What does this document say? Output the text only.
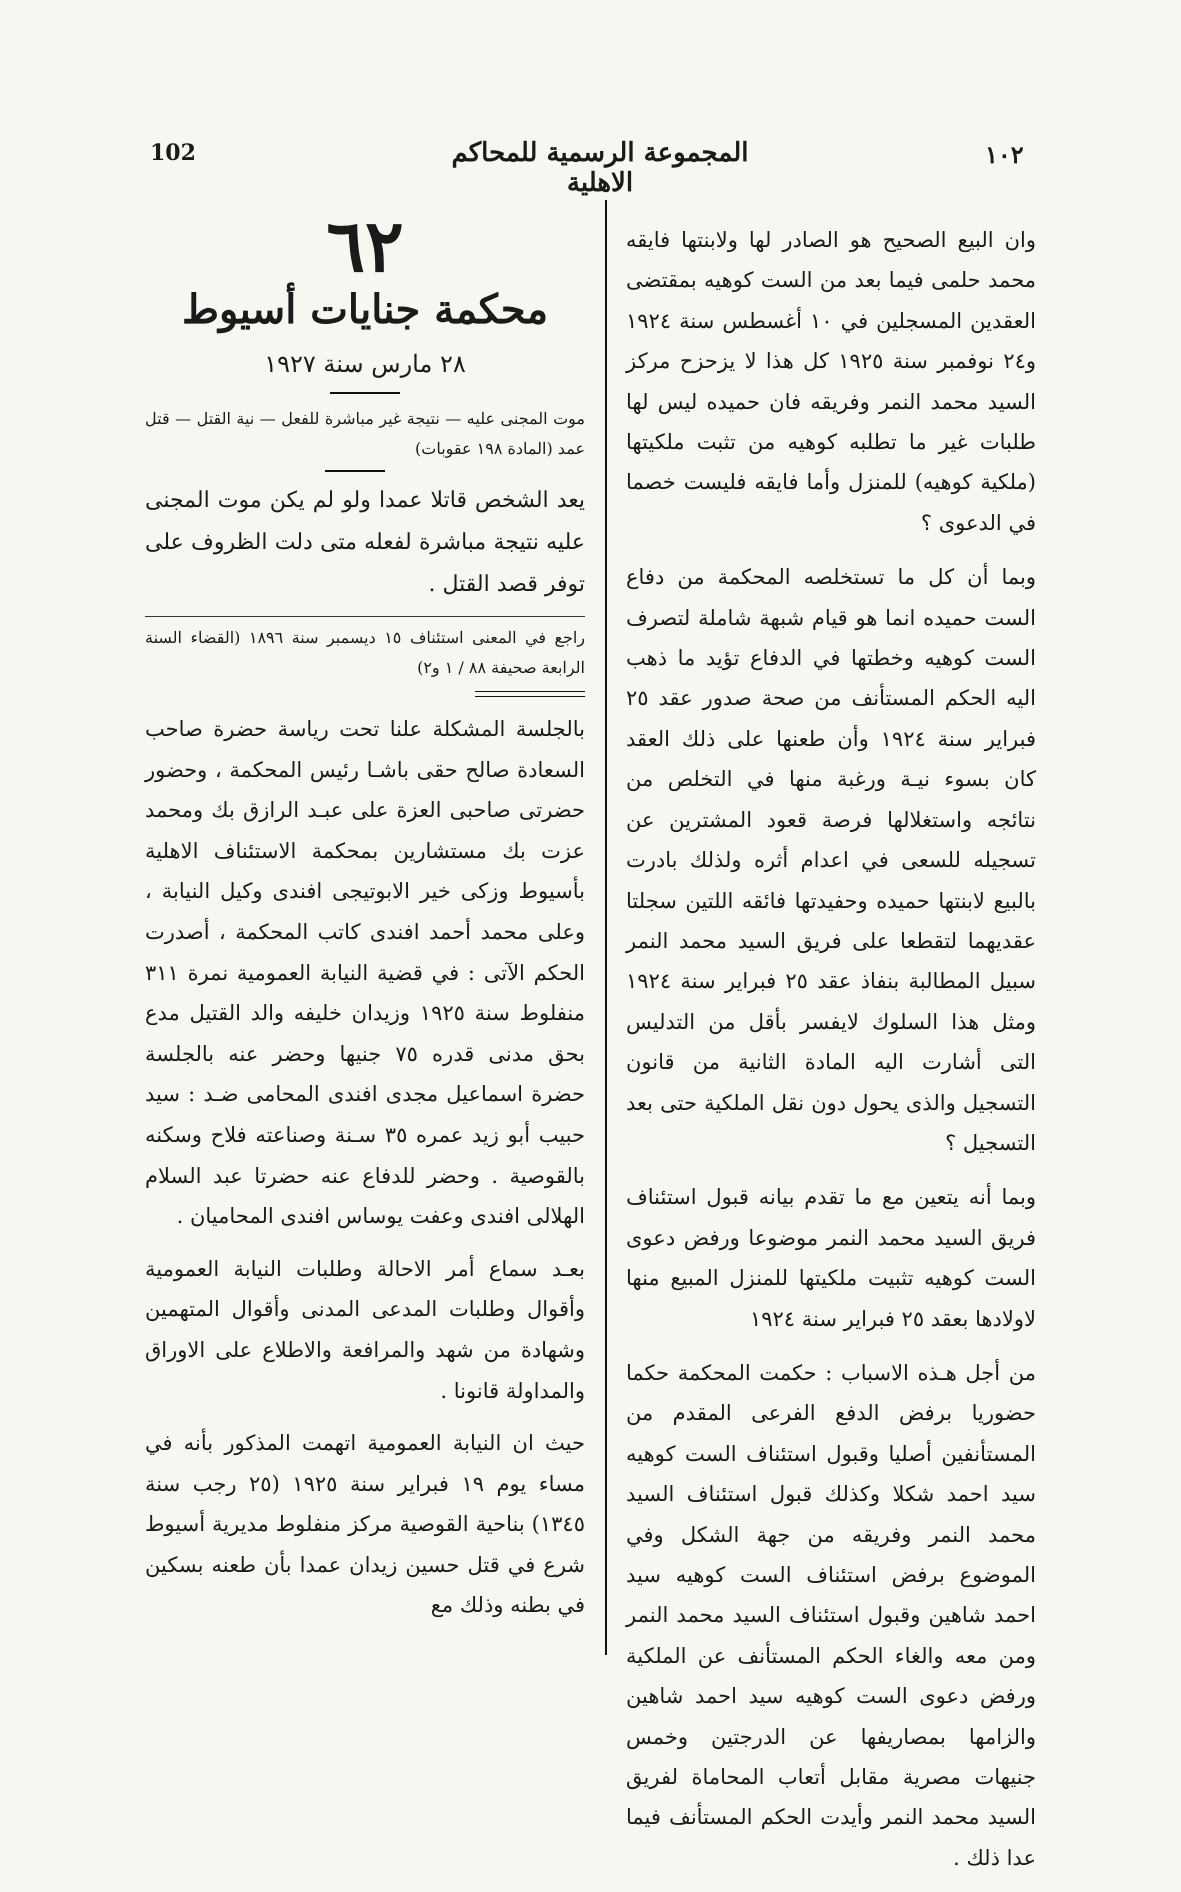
102	المجموعة الرسمية للمحاكم الاهلية
١٠٢

وان البيع الصحيح هو الصادر لها ولابنتها فايقه محمد حلمى فيما بعد من الست كوهيه بمقتضى العقدين المسجلين في ١٠ أغسطس سنة ١٩٢٤ و٢٤ نوفمبر سنة ١٩٢٥ كل هذا لا يزحزح مركز السيد محمد النمر وفريقه فان حميده ليس لها طلبات غير ما تطلبه كوهيه من تثبت ملكيتها (ملكية كوهيه) للمنزل وأما فايقه فليست خصما في الدعوى ؟

وبما أن كل ما تستخلصه المحكمة من دفاع الست حميده انما هو قيام شبهة شاملة لتصرف الست كوهيه وخطتها في الدفاع تؤيد ما ذهب اليه الحكم المستأنف من صحة صدور عقد ٢٥ فبراير سنة ١٩٢٤ وأن طعنها على ذلك العقد كان بسوء نيـة ورغبة منها في التخلص من نتائجه واستغلالها فرصة قعود المشترين عن تسجيله للسعى في اعدام أثره ولذلك بادرت بالبيع لابنتها حميده وحفيدتها فائقه اللتين سجلتا عقديهما لتقطعا على فريق السيد محمد النمر سبيل المطالبة بنفاذ عقد ٢٥ فبراير سنة ١٩٢٤ ومثل هذا السلوك لايفسر بأقل من التدليس التى أشارت اليه المادة الثانية من قانون التسجيل والذى يحول دون نقل الملكية حتى بعد التسجيل ؟

وبما أنه يتعين مع ما تقدم بيانه قبول استئناف فريق السيد محمد النمر موضوعا ورفض دعوى الست كوهيه تثبيت ملكيتها للمنزل المبيع منها لاولادها بعقد ٢٥ فبراير سنة ١٩٢٤

من أجل هـذه الاسباب : حكمت المحكمة حكما حضوريا برفض الدفع الفرعى المقدم من المستأنفين أصليا وقبول استئناف الست كوهيه سيد احمد شكلا وكذلك قبول استئناف السيد محمد النمر وفريقه من جهة الشكل وفي الموضوع برفض استئناف الست كوهيه سيد احمد شاهين وقبول استئناف السيد محمد النمر ومن معه والغاء الحكم المستأنف عن الملكية ورفض دعوى الست كوهيه سيد احمد شاهين والزامها بمصاريفها عن الدرجتين وخمس جنيهات مصرية مقابل أتعاب المحاماة لفريق السيد محمد النمر وأيدت الحكم المستأنف فيما عدا ذلك .

٦٢

محكمة جنايات أسيوط

٢٨ مارس سنة ١٩٢٧

موت المجنى عليه — نتيجة غير مباشرة للفعل — نية القتل — قتل عمد (المادة ١٩٨ عقوبات)

يعد الشخص قاتلا عمدا ولو لم يكن موت المجنى عليه نتيجة مباشرة لفعله متى دلت الظروف على توفر قصد القتل .

راجع في المعنى استئناف ١٥ ديسمبر سنة ١٨٩٦ (القضاء السنة الرابعة صحيفة ٨٨ / ١ و٢)

بالجلسة المشكلة علنا تحت رياسة حضرة صاحب السعادة صالح حقى باشـا رئيس المحكمة ، وحضور حضرتى صاحبى العزة على عبـد الرازق بك ومحمد عزت بك مستشارين بمحكمة الاستئناف الاهلية بأسيوط وزكى خير الابوتيجى افندى وكيل النيابة ، وعلى محمد أحمد افندى كاتب المحكمة ، أصدرت الحكم الآتى : في قضية النيابة العمومية نمرة ٣١١ منفلوط سنة ١٩٢٥ وزيدان خليفه والد القتيل مدع بحق مدنى قدره ٧٥ جنيها وحضر عنه بالجلسة حضرة اسماعيل مجدى افندى المحامى ضـد : سيد حبيب أبو زيد عمره ٣٥ سـنة وصناعته فلاح وسكنه بالقوصية . وحضر للدفاع عنه حضرتا عبد السلام الهلالى افندى وعفت يوساس افندى المحاميان .

بعـد سماع أمر الاحالة وطلبات النيابة العمومية وأقوال وطلبات المدعى المدنى وأقوال المتهمين وشهادة من شهد والمرافعة والاطلاع على الاوراق والمداولة قانونا .

حيث ان النيابة العمومية اتهمت المذكور بأنه في مساء يوم ١٩ فبراير سنة ١٩٢٥ (٢٥ رجب سنة ١٣٤٥) بناحية القوصية مركز منفلوط مديرية أسيوط شرع في قتل حسين زيدان عمدا بأن طعنه بسكين في بطنه وذلك مع
